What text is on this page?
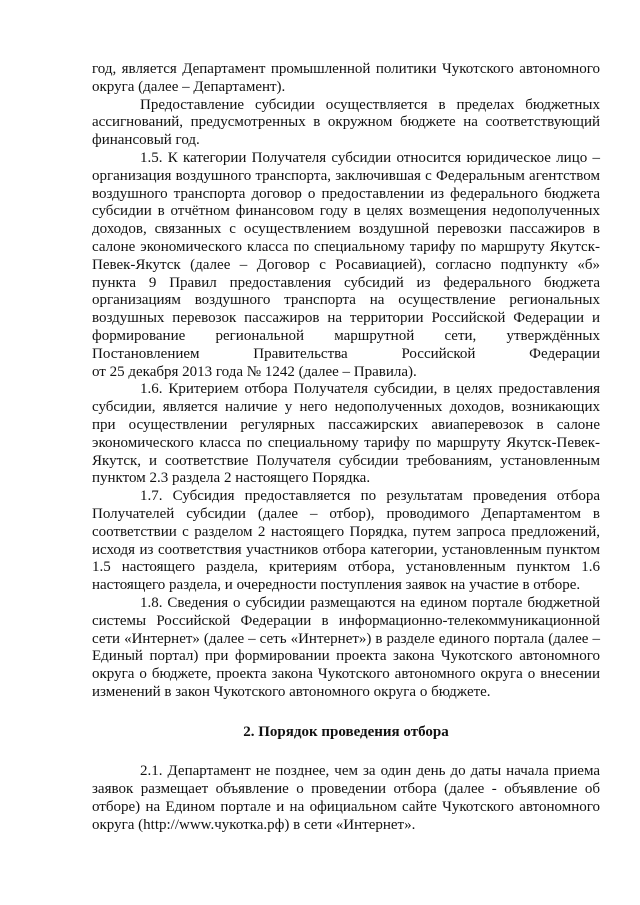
год, является Департамент промышленной политики Чукотского автономного округа (далее – Департамент).

Предоставление субсидии осуществляется в пределах бюджетных ассигнований, предусмотренных в окружном бюджете на соответствующий финансовый год.

1.5. К категории Получателя субсидии относится юридическое лицо – организация воздушного транспорта, заключившая с Федеральным агентством воздушного транспорта договор о предоставлении из федерального бюджета субсидии в отчётном финансовом году в целях возмещения недополученных доходов, связанных с осуществлением воздушной перевозки пассажиров в салоне экономического класса по специальному тарифу по маршруту Якутск-Певек-Якутск (далее – Договор с Росавиацией), согласно подпункту «б» пункта 9 Правил предоставления субсидий из федерального бюджета организациям воздушного транспорта на осуществление региональных воздушных перевозок пассажиров на территории Российской Федерации и формирование региональной маршрутной сети, утверждённых Постановлением Правительства Российской Федерации

от 25 декабря 2013 года № 1242 (далее – Правила).

1.6. Критерием отбора Получателя субсидии, в целях предоставления субсидии, является наличие у него недополученных доходов, возникающих при осуществлении регулярных пассажирских авиаперевозок в салоне экономического класса по специальному тарифу по маршруту Якутск-Певек-Якутск, и соответствие Получателя субсидии требованиям, установленным пунктом 2.3 раздела 2 настоящего Порядка.

1.7. Субсидия предоставляется по результатам проведения отбора Получателей субсидии (далее – отбор), проводимого Департаментом в соответствии с разделом 2 настоящего Порядка, путем запроса предложений, исходя из соответствия участников отбора категории, установленным пунктом 1.5 настоящего раздела, критериям отбора, установленным пунктом 1.6 настоящего раздела, и очередности поступления заявок на участие в отборе.

1.8. Сведения о субсидии размещаются на едином портале бюджетной системы Российской Федерации в информационно-телекоммуникационной сети «Интернет» (далее – сеть «Интернет») в разделе единого портала (далее – Единый портал) при формировании проекта закона Чукотского автономного округа о бюджете, проекта закона Чукотского автономного округа о внесении изменений в закон Чукотского автономного округа о бюджете.

2. Порядок проведения отбора

2.1. Департамент не позднее, чем за один день до даты начала приема заявок размещает объявление о проведении отбора (далее - объявление об отборе) на Едином портале и на официальном сайте Чукотского автономного округа (http://www.чукотка.рф) в сети «Интернет».
